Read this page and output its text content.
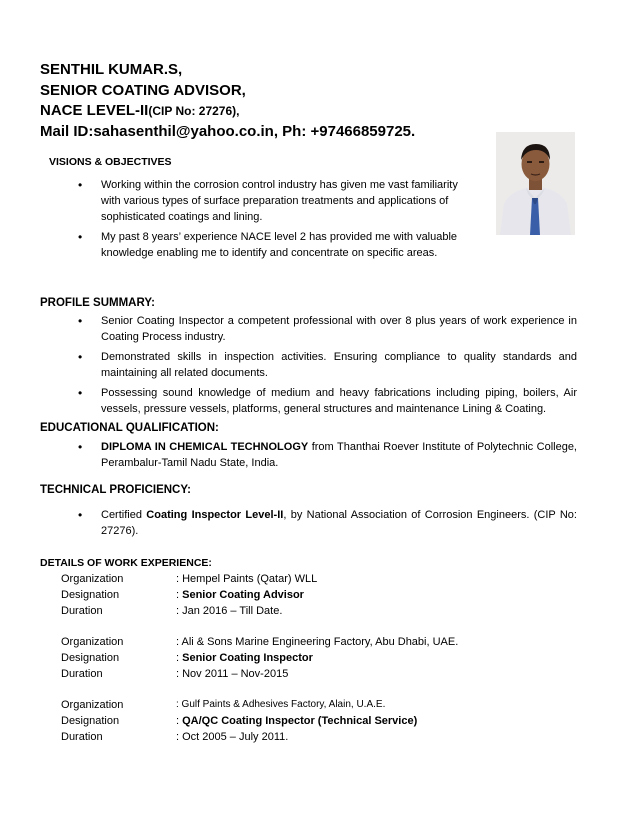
SENTHIL KUMAR.S,
SENIOR COATING ADVISOR,
NACE LEVEL-II(CIP No: 27276),
Mail ID:sahasenthil@yahoo.co.in, Ph: +97466859725.
VISIONS & OBJECTIVES
• Working within the corrosion control industry has given me vast familiarity with various types of surface preparation treatments and applications of sophisticated coatings and lining.
• My past 8 years’ experience NACE level 2 has provided me with valuable knowledge enabling me to identify and concentrate on specific areas.
PROFILE SUMMARY:
• Senior Coating Inspector a competent professional with over 8 plus years of work experience in Coating Process industry.
• Demonstrated skills in inspection activities. Ensuring compliance to quality standards and maintaining all related documents.
• Possessing sound knowledge of medium and heavy fabrications including piping, boilers, Air vessels, pressure vessels, platforms, general structures and maintenance Lining & Coating.
EDUCATIONAL QUALIFICATION:
• DIPLOMA IN CHEMICAL TECHNOLOGY from Thanthai Roever Institute of Polytechnic College, Perambalur-Tamil Nadu State, India.
TECHNICAL PROFICIENCY:
• Certified Coating Inspector Level-II, by National Association of Corrosion Engineers. (CIP No: 27276).
DETAILS OF WORK EXPERIENCE:
Organization	: Hempel Paints (Qatar) WLL
Designation	: Senior Coating Advisor
Duration	: Jan 2016 – Till Date.

Organization	: Ali & Sons Marine Engineering Factory, Abu Dhabi, UAE.
Designation	: Senior Coating Inspector
Duration	: Nov 2011 – Nov-2015

Organization	: Gulf Paints & Adhesives Factory, Alain, U.A.E.
Designation	: QA/QC Coating Inspector (Technical Service)
Duration	: Oct 2005 – July 2011.
